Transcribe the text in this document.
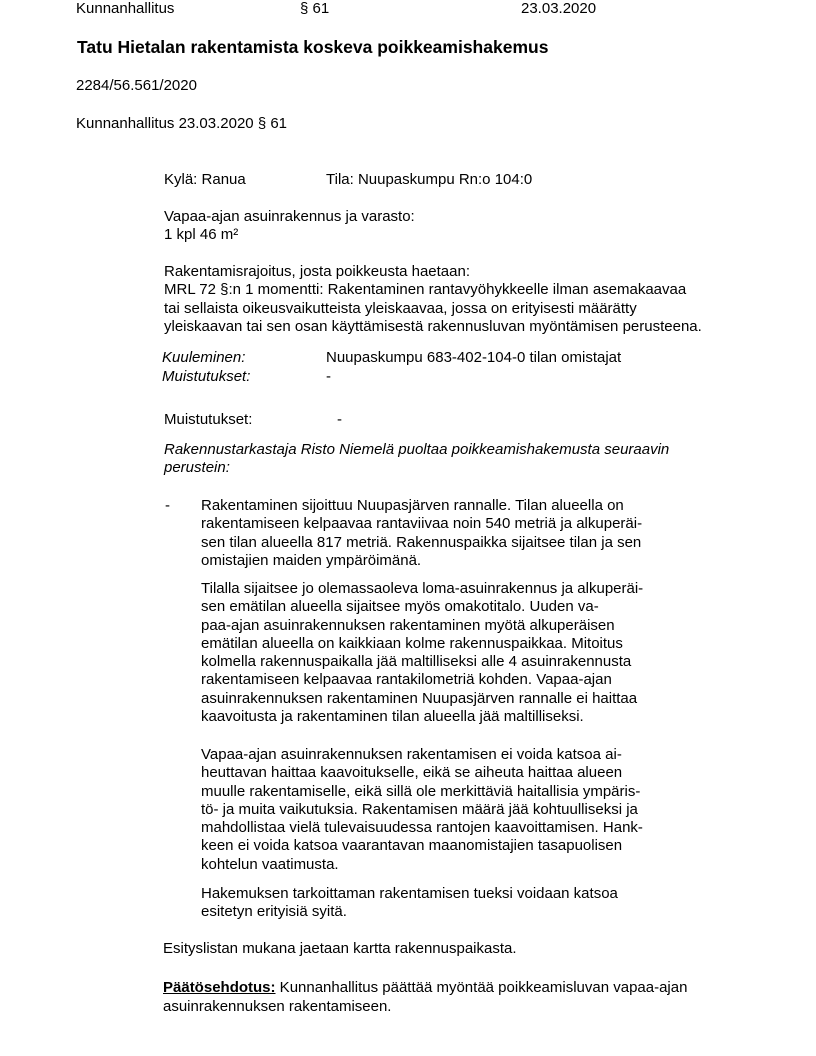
Kunnanhallitus	§ 61	23.03.2020
Tatu Hietalan rakentamista koskeva poikkeamishakemus
2284/56.561/2020
Kunnanhallitus 23.03.2020 § 61
Kylä: Ranua	Tila: Nuupaskumpu Rn:o 104:0
Vapaa-ajan asuinrakennus ja varasto:
1 kpl 46 m²
Rakentamisrajoitus, josta poikkeusta haetaan:
MRL 72 §:n 1 momentti: Rakentaminen rantavyöhykkeelle ilman asemakaavaa
tai sellaista oikeusvaikutteista yleiskaavaa, jossa on erityisesti määrätty
yleiskaavan tai sen osan käyttämisestä rakennusluvan myöntämisen perusteena.
Kuuleminen:	Nuupaskumpu 683-402-104-0 tilan omistajat
Muistutukset:	-
Muistutukset:	-
Rakennustarkastaja Risto Niemelä puoltaa poikkeamishakemusta seuraavin
perustein:
- Rakentaminen sijoittuu Nuupasjärven rannalle. Tilan alueella on
rakentamiseen kelpaavaa rantaviivaa noin 540 metriä ja alkuperäi-
sen tilan alueella 817 metriä. Rakennuspaikka sijaitsee tilan ja sen
omistajien maiden ympäröimänä.
Tilalla sijaitsee jo olemassaoleva loma-asuinrakennus ja alkuperäi-
sen emätilan alueella sijaitsee myös omakotitalo. Uuden va-
paa-ajan asuinrakennuksen rakentaminen myötä alkuperäisen
emätilan alueella on kaikkiaan kolme rakennuspaikkaa. Mitoitus
kolmella rakennuspaikalla jää maltilliseksi alle 4 asuinrakennusta
rakentamiseen kelpaavaa rantakilometriä kohden. Vapaa-ajan
asuinrakennuksen rakentaminen Nuupasjärven rannalle ei haittaa
kaavoitusta ja rakentaminen tilan alueella jää maltilliseksi.
Vapaa-ajan asuinrakennuksen rakentamisen ei voida katsoa ai-
heuttavan haittaa kaavoitukselle, eikä se aiheuta haittaa alueen
muulle rakentamiselle, eikä sillä ole merkittäviä haitallisia ympäris-
tö- ja muita vaikutuksia. Rakentamisen määrä jää kohtuulliseksi ja
mahdollistaa vielä tulevaisuudessa rantojen kaavoittamisen. Hank-
keen ei voida katsoa vaarantavan maanomistajien tasapuolisen
kohtelun vaatimusta.
Hakemuksen tarkoittaman rakentamisen tueksi voidaan katsoa
esitetyn erityisiä syitä.
Esityslistan mukana jaetaan kartta rakennuspaikasta.
Päätösehdotus: Kunnanhallitus päättää myöntää poikkeamisluvan vapaa-ajan
asuinrakennuksen rakentamiseen.
